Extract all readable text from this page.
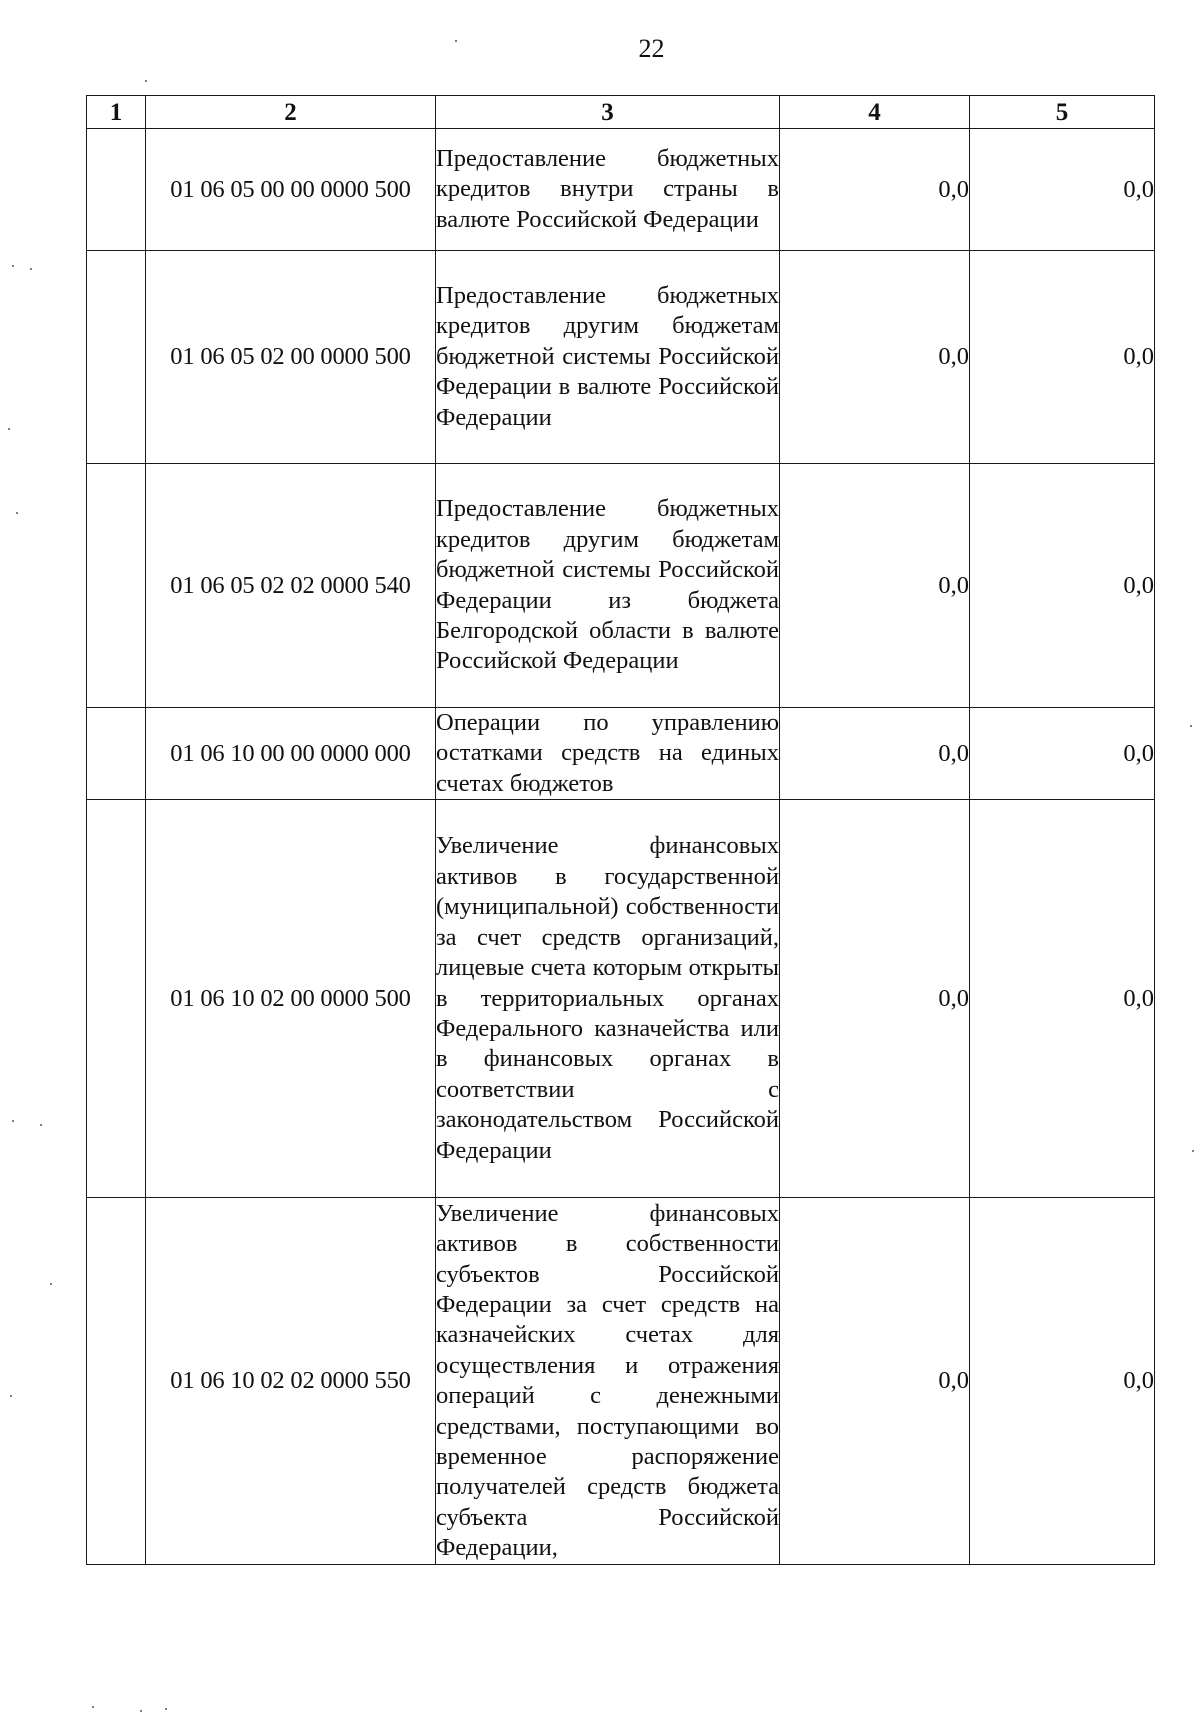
22
1	2	3	4	5
	01 06 05 00 00 0000 500	Предоставление бюджетных кредитов внутри страны в валюте Российской Федерации	0,0	0,0
	01 06 05 02 00 0000 500	Предоставление бюджетных кредитов другим бюджетам бюджетной системы Российской Федерации в валюте Российской Федерации	0,0	0,0
	01 06 05 02 02 0000 540	Предоставление бюджетных кредитов другим бюджетам бюджетной системы Российской Федерации из бюджета Белгородской области в валюте Российской Федерации	0,0	0,0
	01 06 10 00 00 0000 000	Операции по управлению остатками средств на единых счетах бюджетов	0,0	0,0
	01 06 10 02 00 0000 500	Увеличение финансовых активов в государственной (муниципальной) собственности за счет средств организаций, лицевые счета которым открыты в территориальных органах Федерального казначейства или в финансовых органах в соответствии с законодательством Российской Федерации	0,0	0,0
	01 06 10 02 02 0000 550	Увеличение финансовых активов в собственности субъектов Российской Федерации за счет средств на казначейских счетах для осуществления и отражения операций с денежными средствами, поступающими во временное распоряжение получателей средств бюджета субъекта Российской Федерации,	0,0	0,0
